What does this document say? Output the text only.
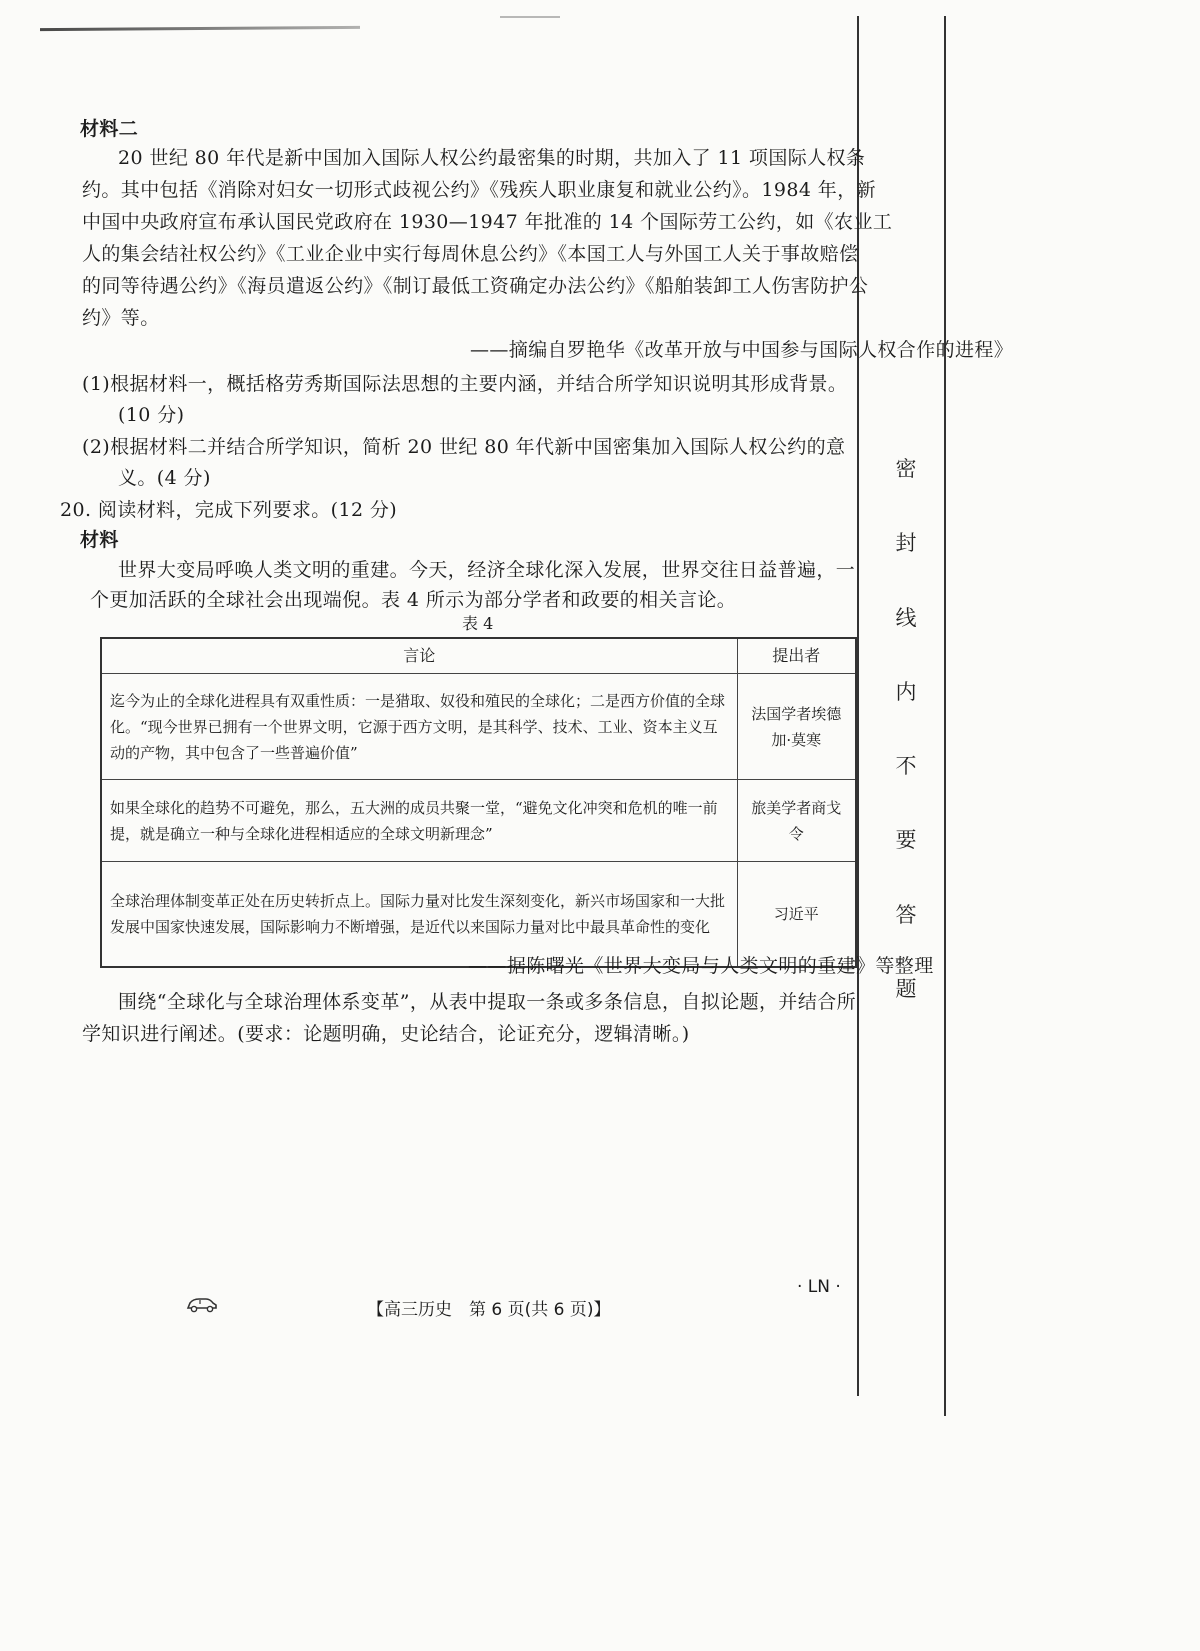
密
封
线
内
不
要
答
题
材料二
20 世纪 80 年代是新中国加入国际人权公约最密集的时期，共加入了 11 项国际人权条
约。其中包括《消除对妇女一切形式歧视公约》《残疾人职业康复和就业公约》。1984 年，新
中国中央政府宣布承认国民党政府在 1930—1947 年批准的 14 个国际劳工公约，如《农业工
人的集会结社权公约》《工业企业中实行每周休息公约》《本国工人与外国工人关于事故赔偿
的同等待遇公约》《海员遣返公约》《制订最低工资确定办法公约》《船舶装卸工人伤害防护公
约》等。
——摘编自罗艳华《改革开放与中国参与国际人权合作的进程》
(1)根据材料一，概括格劳秀斯国际法思想的主要内涵，并结合所学知识说明其形成背景。
(10 分)
(2)根据材料二并结合所学知识，简析 20 世纪 80 年代新中国密集加入国际人权公约的意
义。(4 分)
20. 阅读材料，完成下列要求。(12 分)
材料
世界大变局呼唤人类文明的重建。今天，经济全球化深入发展，世界交往日益普遍，一
个更加活跃的全球社会出现端倪。表 4 所示为部分学者和政要的相关言论。
表 4
言论	提出者
迄今为止的全球化进程具有双重性质：一是猎取、奴役和殖民的全球化；二是西方价值的全球化。“现今世界已拥有一个世界文明，它源于西方文明，是其科学、技术、工业、资本主义互动的产物，其中包含了一些普遍价值”	法国学者埃德加·莫寒
如果全球化的趋势不可避免，那么，五大洲的成员共聚一堂，“避免文化冲突和危机的唯一前提，就是确立一种与全球化进程相适应的全球文明新理念”	旅美学者商戈令
全球治理体制变革正处在历史转折点上。国际力量对比发生深刻变化，新兴市场国家和一大批发展中国家快速发展，国际影响力不断增强，是近代以来国际力量对比中最具革命性的变化	习近平
——据陈曙光《世界大变局与人类文明的重建》等整理
围绕“全球化与全球治理体系变革”，从表中提取一条或多条信息，自拟论题，并结合所
学知识进行阐述。(要求：论题明确，史论结合，论证充分，逻辑清晰。)
【高三历史　第 6 页(共 6 页)】
· LN ·
